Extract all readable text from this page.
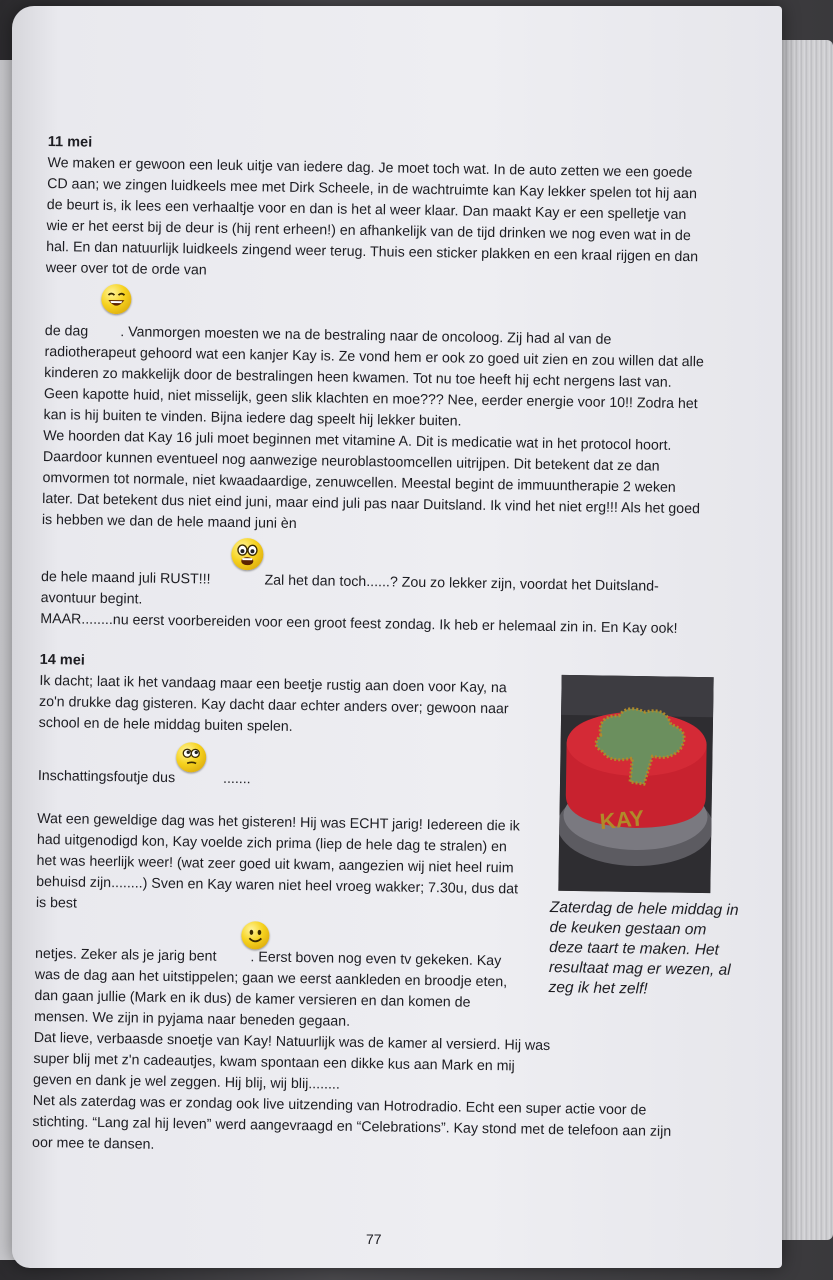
11 mei

We maken er gewoon een leuk uitje van iedere dag. Je moet toch wat. In de auto zetten we een goede CD aan; we zingen luidkeels mee met Dirk Scheele, in de wachtruimte kan Kay lekker spelen tot hij aan de beurt is, ik lees een verhaaltje voor en dan is het al weer klaar. Dan maakt Kay er een spelletje van wie er het eerst bij de deur is (hij rent erheen!) en afhankelijk van de tijd drinken we nog even wat in de hal. En dan natuurlijk luidkeels zingend weer terug. Thuis een sticker plakken en een kraal rijgen en dan weer over tot de orde van

de dag . Vanmorgen moesten we na de bestraling naar de oncoloog. Zij had al van de radiotherapeut gehoord wat een kanjer Kay is. Ze vond hem er ook zo goed uit zien en zou willen dat alle kinderen zo makkelijk door de bestralingen heen kwamen. Tot nu toe heeft hij echt nergens last van. Geen kapotte huid, niet misselijk, geen slik klachten en moe??? Nee, eerder energie voor 10!! Zodra het kan is hij buiten te vinden. Bijna iedere dag speelt hij lekker buiten.

We hoorden dat Kay 16 juli moet beginnen met vitamine A. Dit is medicatie wat in het protocol hoort. Daardoor kunnen eventueel nog aanwezige neuroblastoomcellen uitrijpen. Dit betekent dat ze dan omvormen tot normale, niet kwaadaardige, zenuwcellen. Meestal begint de immuuntherapie 2 weken later. Dat betekent dus niet eind juni, maar eind juli pas naar Duitsland. Ik vind het niet erg!!! Als het goed is hebben we dan de hele maand juni èn

de hele maand juli RUST!!!	Zal het dan toch......? Zou zo lekker zijn, voordat het Duitsland-avontuur begint.

MAAR........nu eerst voorbereiden voor een groot feest zondag. Ik heb er helemaal zin in. En Kay ook!

14 mei

Ik dacht; laat ik het vandaag maar een beetje rustig aan doen voor Kay, na zo'n drukke dag gisteren. Kay dacht daar echter anders over; gewoon naar school en de hele middag buiten spelen.

Inschattingsfoutje dus	.......

Wat een geweldige dag was het gisteren! Hij was ECHT jarig! Iedereen die ik had uitgenodigd kon, Kay voelde zich prima (liep de hele dag te stralen) en het was heerlijk weer! (wat zeer goed uit kwam, aangezien wij niet heel ruim behuisd zijn........) Sven en Kay waren niet heel vroeg wakker; 7.30u, dus dat is best

netjes. Zeker als je jarig bent . Eerst boven nog even tv gekeken. Kay was de dag aan het uitstippelen; gaan we eerst aankleden en broodje eten, dan gaan jullie (Mark en ik dus) de kamer versieren en dan komen de mensen. We zijn in pyjama naar beneden gegaan.

Dat lieve, verbaasde snoetje van Kay! Natuurlijk was de kamer al versierd. Hij was super blij met z'n cadeautjes, kwam spontaan een dikke kus aan Mark en mij geven en dank je wel zeggen. Hij blij, wij blij........

Net als zaterdag was er zondag ook live uitzending van Hotrodradio. Echt een super actie voor de stichting. “Lang zal hij leven” werd aangevraagd en “Celebrations”. Kay stond met de telefoon aan zijn oor mee te dansen.

KAY
Zaterdag de hele middag in de keuken gestaan om deze taart te maken. Het resultaat mag er wezen, al zeg ik het zelf!
77
